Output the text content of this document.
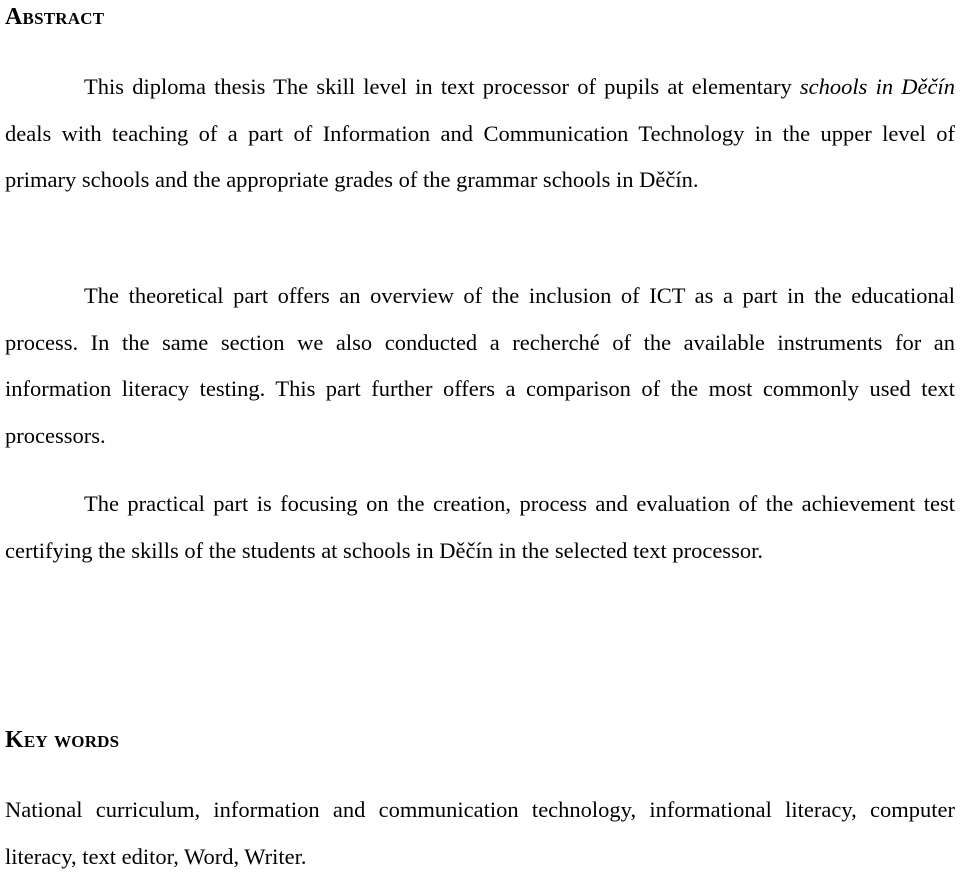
Abstract

This diploma thesis The skill level in text processor of pupils at elementary schools in Děčín deals with teaching of a part of Information and Communication Technology in the upper level of primary schools and the appropriate grades of the grammar schools in Děčín.

The theoretical part offers an overview of the inclusion of ICT as a part in the educational process. In the same section we also conducted a recherché of the available instruments for an information literacy testing. This part further offers a comparison of the most commonly used text processors.

The practical part is focusing on the creation, process and evaluation of the achievement test certifying the skills of the students at schools in Děčín in the selected text processor.

Key words

National curriculum, information and communication technology, informational literacy, computer literacy, text editor, Word, Writer.
